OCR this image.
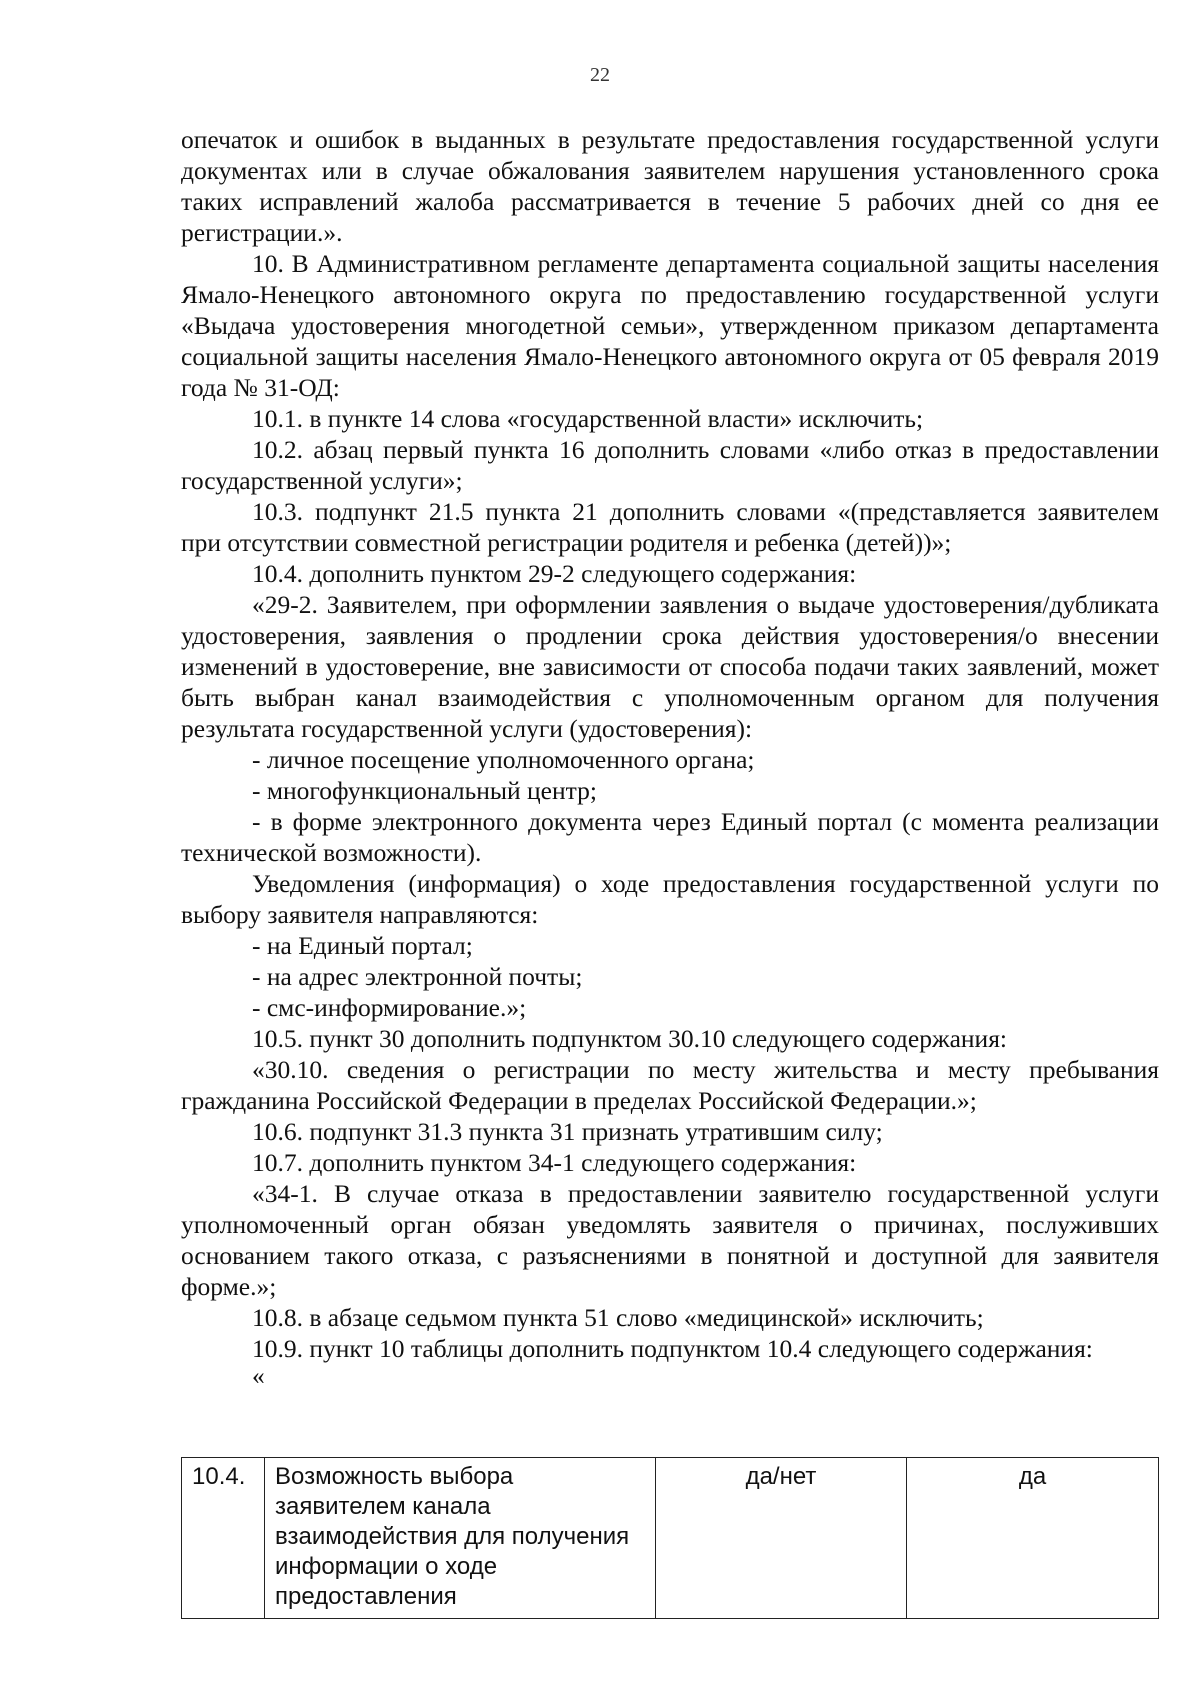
22

опечаток и ошибок в выданных в результате предоставления государственной услуги документах или в случае обжалования заявителем нарушения установленного срока таких исправлений жалоба рассматривается в течение 5 рабочих дней со дня ее регистрации.».

10. В Административном регламенте департамента социальной защиты населения Ямало-Ненецкого автономного округа по предоставлению государственной услуги «Выдача удостоверения многодетной семьи», утвержденном приказом департамента социальной защиты населения Ямало-Ненецкого автономного округа от 05 февраля 2019 года № 31-ОД:

10.1. в пункте 14 слова «государственной власти» исключить;

10.2. абзац первый пункта 16 дополнить словами «либо отказ в предоставлении государственной услуги»;

10.3. подпункт 21.5 пункта 21 дополнить словами «(представляется заявителем при отсутствии совместной регистрации родителя и ребенка (детей))»;

10.4. дополнить пунктом 29-2 следующего содержания:

«29-2. Заявителем, при оформлении заявления о выдаче удостоверения/дубликата удостоверения, заявления о продлении срока действия удостоверения/о внесении изменений в удостоверение, вне зависимости от способа подачи таких заявлений, может быть выбран канал взаимодействия с уполномоченным органом для получения результата государственной услуги (удостоверения):

- личное посещение уполномоченного органа;

- многофункциональный центр;

- в форме электронного документа через Единый портал (с момента реализации технической возможности).

Уведомления (информация) о ходе предоставления государственной услуги по выбору заявителя направляются:

- на Единый портал;

- на адрес электронной почты;

- смс-информирование.»;

10.5. пункт 30 дополнить подпунктом 30.10 следующего содержания:

«30.10. сведения о регистрации по месту жительства и месту пребывания гражданина Российской Федерации в пределах Российской Федерации.»;

10.6. подпункт 31.3 пункта 31 признать утратившим силу;

10.7. дополнить пунктом 34-1 следующего содержания:

«34-1. В случае отказа в предоставлении заявителю государственной услуги уполномоченный орган обязан уведомлять заявителя о причинах, послуживших основанием такого отказа, с разъяснениями в понятной и доступной для заявителя форме.»;

10.8. в абзаце седьмом пункта 51 слово «медицинской» исключить;

10.9. пункт 10 таблицы дополнить подпунктом 10.4 следующего содержания:

«

10.4.	Возможность выбора заявителем канала взаимодействия для получения информации о ходе предоставления	да/нет	да
